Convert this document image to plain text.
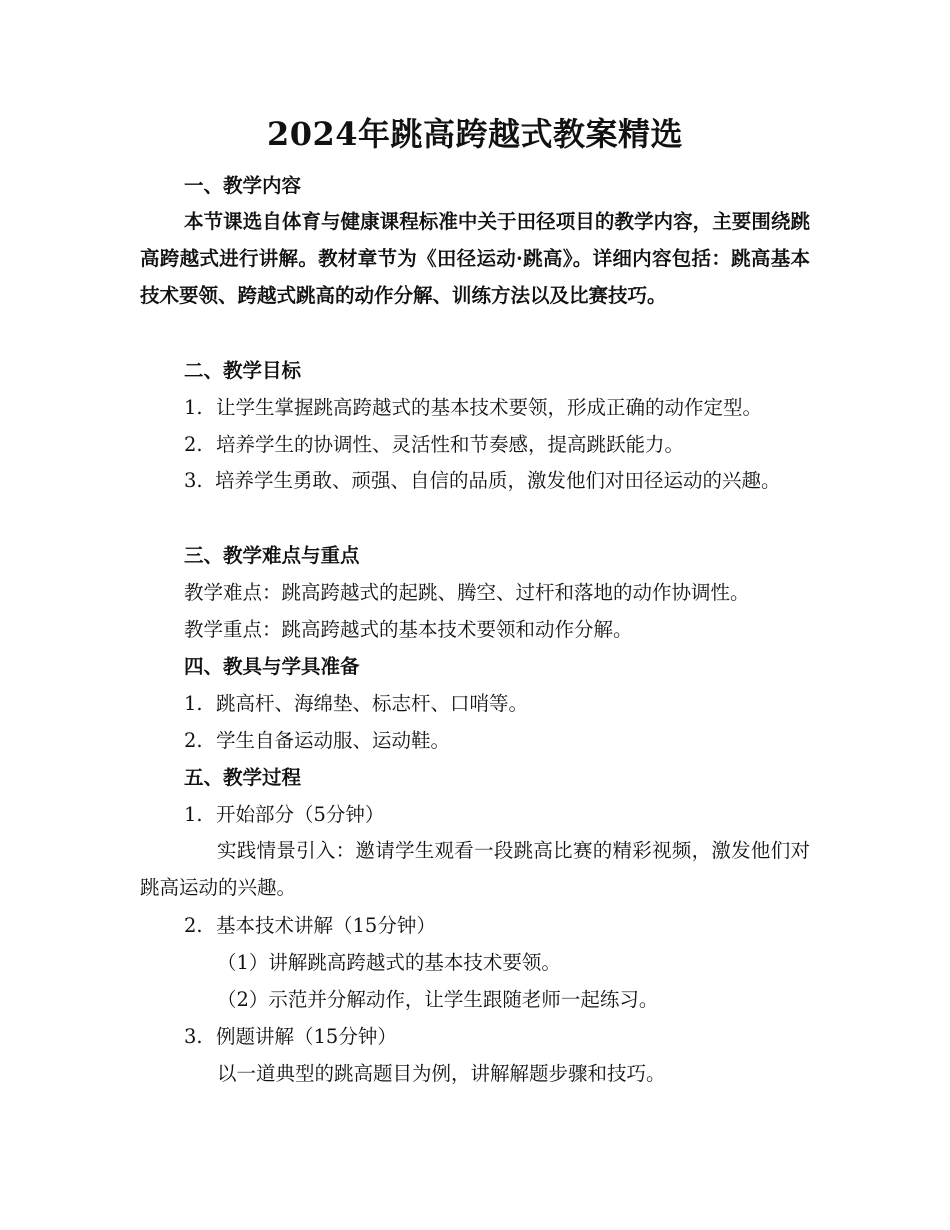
2024年跳高跨越式教案精选
一、教学内容
本节课选自体育与健康课程标准中关于田径项目的教学内容，主要围绕跳高跨越式进行讲解。教材章节为《田径运动·跳高》。详细内容包括：跳高基本技术要领、跨越式跳高的动作分解、训练方法以及比赛技巧。
二、教学目标
1. 让学生掌握跳高跨越式的基本技术要领，形成正确的动作定型。
2. 培养学生的协调性、灵活性和节奏感，提高跳跃能力。
3. 培养学生勇敢、顽强、自信的品质，激发他们对田径运动的兴趣。
三、教学难点与重点
教学难点：跳高跨越式的起跳、腾空、过杆和落地的动作协调性。
教学重点：跳高跨越式的基本技术要领和动作分解。
四、教具与学具准备
1. 跳高杆、海绵垫、标志杆、口哨等。
2. 学生自备运动服、运动鞋。
五、教学过程
1. 开始部分（5分钟）
实践情景引入：邀请学生观看一段跳高比赛的精彩视频，激发他们对跳高运动的兴趣。
2. 基本技术讲解（15分钟）
（1）讲解跳高跨越式的基本技术要领。
（2）示范并分解动作，让学生跟随老师一起练习。
3. 例题讲解（15分钟）
以一道典型的跳高题目为例，讲解解题步骤和技巧。
